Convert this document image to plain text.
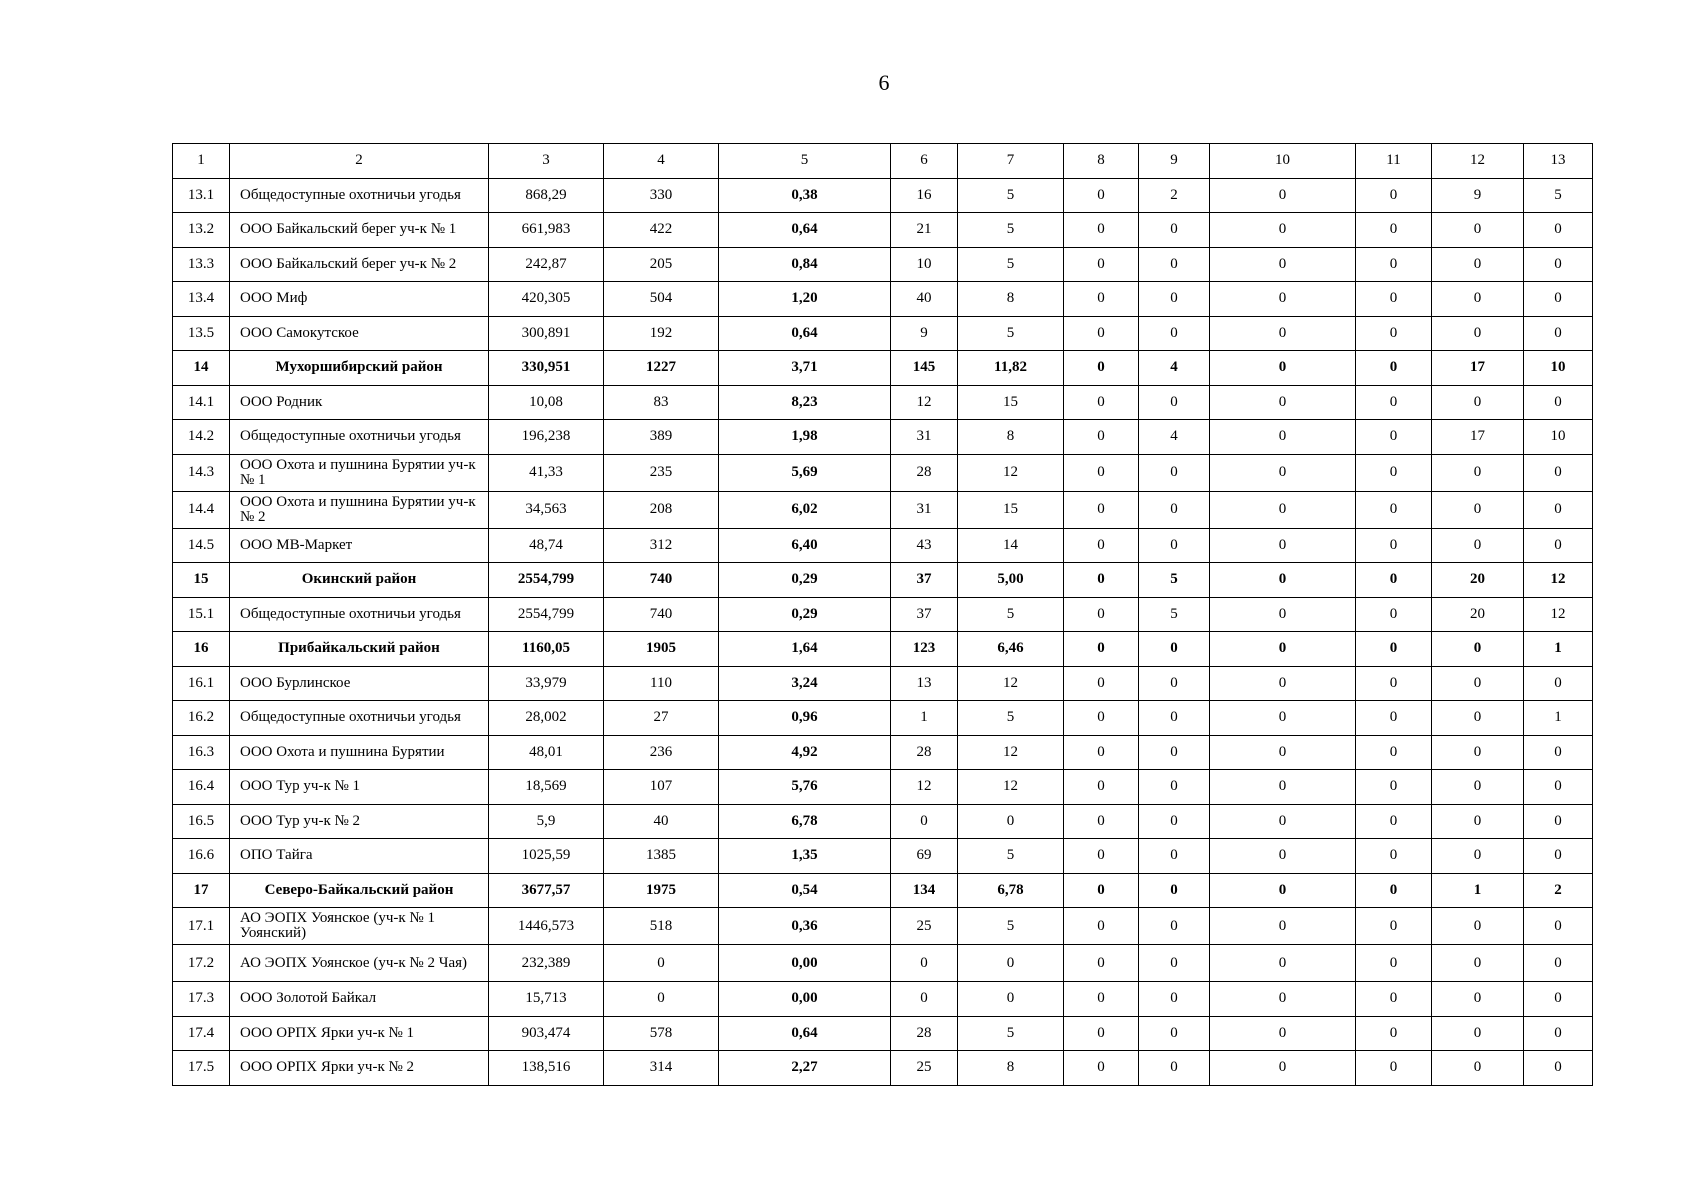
6
1	2	3	4	5	6	7	8	9	10	11	12	13
13.1	Общедоступные охотничьи угодья	868,29	330	0,38	16	5	0	2	0	0	9	5
13.2	ООО Байкальский берег уч-к № 1	661,983	422	0,64	21	5	0	0	0	0	0	0
13.3	ООО Байкальский берег уч-к № 2	242,87	205	0,84	10	5	0	0	0	0	0	0
13.4	ООО Миф	420,305	504	1,20	40	8	0	0	0	0	0	0
13.5	ООО Самокутское	300,891	192	0,64	9	5	0	0	0	0	0	0
14	Мухоршибирский район	330,951	1227	3,71	145	11,82	0	4	0	0	17	10
14.1	ООО Родник	10,08	83	8,23	12	15	0	0	0	0	0	0
14.2	Общедоступные охотничьи угодья	196,238	389	1,98	31	8	0	4	0	0	17	10
14.3	ООО Охота и пушнина Бурятии уч-к № 1	41,33	235	5,69	28	12	0	0	0	0	0	0
14.4	ООО Охота и пушнина Бурятии уч-к № 2	34,563	208	6,02	31	15	0	0	0	0	0	0
14.5	ООО МВ-Маркет	48,74	312	6,40	43	14	0	0	0	0	0	0
15	Окинский район	2554,799	740	0,29	37	5,00	0	5	0	0	20	12
15.1	Общедоступные охотничьи угодья	2554,799	740	0,29	37	5	0	5	0	0	20	12
16	Прибайкальский район	1160,05	1905	1,64	123	6,46	0	0	0	0	0	1
16.1	ООО Бурлинское	33,979	110	3,24	13	12	0	0	0	0	0	0
16.2	Общедоступные охотничьи угодья	28,002	27	0,96	1	5	0	0	0	0	0	1
16.3	ООО Охота и пушнина Бурятии	48,01	236	4,92	28	12	0	0	0	0	0	0
16.4	ООО Тур уч-к № 1	18,569	107	5,76	12	12	0	0	0	0	0	0
16.5	ООО Тур уч-к № 2	5,9	40	6,78	0	0	0	0	0	0	0	0
16.6	ОПО Тайга	1025,59	1385	1,35	69	5	0	0	0	0	0	0
17	Северо-Байкальский район	3677,57	1975	0,54	134	6,78	0	0	0	0	1	2
17.1	АО ЭОПХ Уоянское (уч-к № 1 Уоянский)	1446,573	518	0,36	25	5	0	0	0	0	0	0
17.2	АО ЭОПХ Уоянское (уч-к № 2 Чая)	232,389	0	0,00	0	0	0	0	0	0	0	0
17.3	ООО Золотой Байкал	15,713	0	0,00	0	0	0	0	0	0	0	0
17.4	ООО ОРПХ Ярки уч-к № 1	903,474	578	0,64	28	5	0	0	0	0	0	0
17.5	ООО ОРПХ Ярки уч-к № 2	138,516	314	2,27	25	8	0	0	0	0	0	0
